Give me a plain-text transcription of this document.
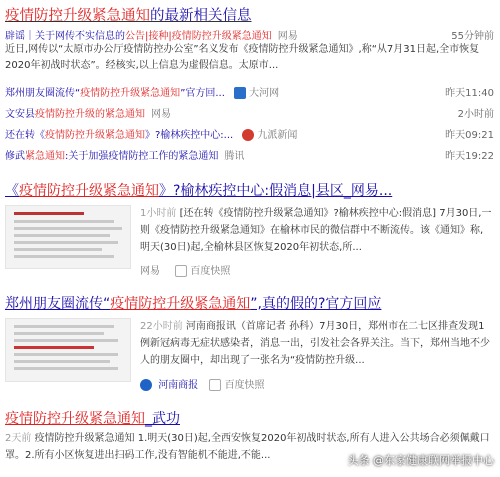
疫情防控升级紧急通知的最新相关信息
辟谣｜关于网传不实信息的公告|接种|疫情防控升级紧急通知 网易	55分钟前
近日,网传以“太原市办公厅疫情防控办公室”名义发布《疫情防控升级紧急通知》,称“从7月31日起,全市恢复2020年初战时状态”。经核实,以上信息为虚假信息。太原市...
郑州朋友圈流传“疫情防控升级紧急通知”官方回... 大河网	昨天11:40
文安县疫情防控升级的紧急通知 网易	2小时前
还在转《疫情防控升级紧急通知》?榆林疾控中心:... 九派新闻	昨天09:21
修武紧急通知:关于加强疫情防控工作的紧急通知 腾讯	昨天19:22
《疫情防控升级紧急通知》?榆林疾控中心:假消息|县区_网易...
1小时前 [还在转《疫情防控升级紧急通知》?榆林疾控中心:假消息] 7月30日,一则《疫情防控升级紧急通知》在榆林市民的微信群中不断流传。该《通知》称,明天(30日)起,全榆林县区恢复2020年初状态,所...
网易	百度快照
郑州朋友圈流传“疫情防控升级紧急通知”,真的假的?官方回应
22小时前 河南商报讯（首席记者 孙科）7月30日，郑州市在二七区排查发现1例新冠病毒无症状感染者，消息一出，引发社会各界关注。当下，郑州当地不少人的朋友圈中，却出现了一张名为“疫情防控升级...
河南商报	百度快照
疫情防控升级紧急通知_武功
2天前 疫情防控升级紧急通知 1.明天(30日)起,全西安恢复2020年初战时状态,所有人进入公共场合必须佩戴口罩。2.所有小区恢复进出扫码工作,没有智能机不能进,不能...	头条 @东家健康联网举报中心
